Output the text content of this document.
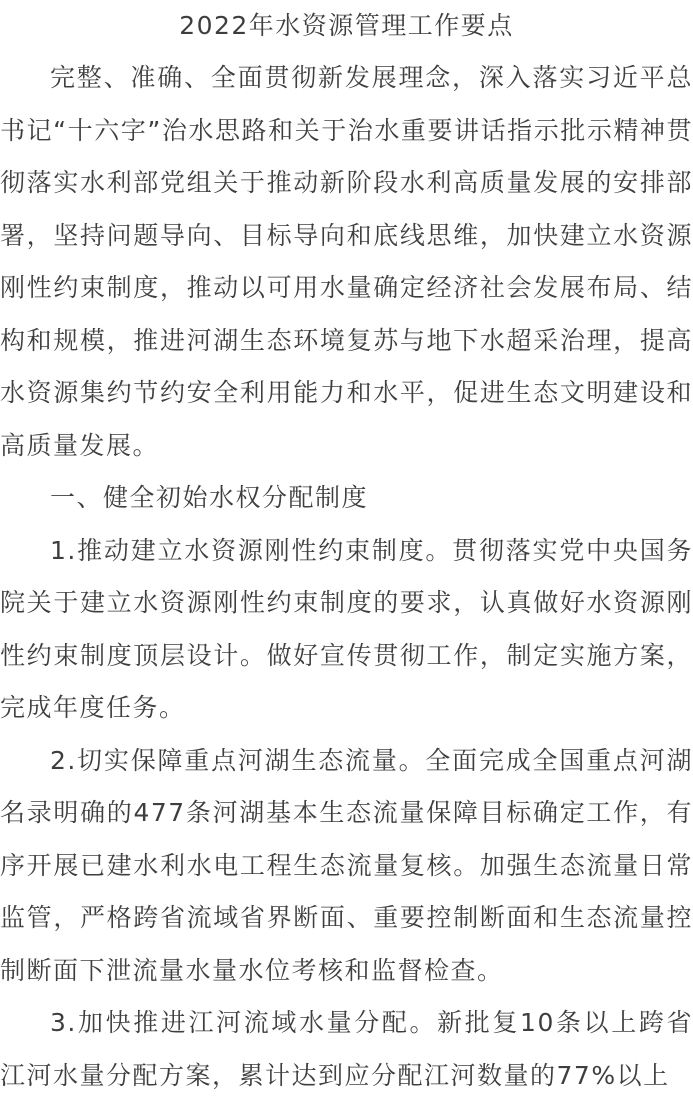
2022年水资源管理工作要点

完整、准确、全面贯彻新发展理念，深入落实习近平总书记“十六字”治水思路和关于治水重要讲话指示批示精神贯彻落实水利部党组关于推动新阶段水利高质量发展的安排部署，坚持问题导向、目标导向和底线思维，加快建立水资源刚性约束制度，推动以可用水量确定经济社会发展布局、结构和规模，推进河湖生态环境复苏与地下水超采治理，提高水资源集约节约安全利用能力和水平，促进生态文明建设和高质量发展。

一、健全初始水权分配制度

1.推动建立水资源刚性约束制度。贯彻落实党中央国务院关于建立水资源刚性约束制度的要求，认真做好水资源刚性约束制度顶层设计。做好宣传贯彻工作，制定实施方案，完成年度任务。

2.切实保障重点河湖生态流量。全面完成全国重点河湖名录明确的477条河湖基本生态流量保障目标确定工作，有序开展已建水利水电工程生态流量复核。加强生态流量日常监管，严格跨省流域省界断面、重要控制断面和生态流量控制断面下泄流量水量水位考核和监督检查。

3.加快推进江河流域水量分配。新批复10条以上跨省江河水量分配方案，累计达到应分配江河数量的77%以上
